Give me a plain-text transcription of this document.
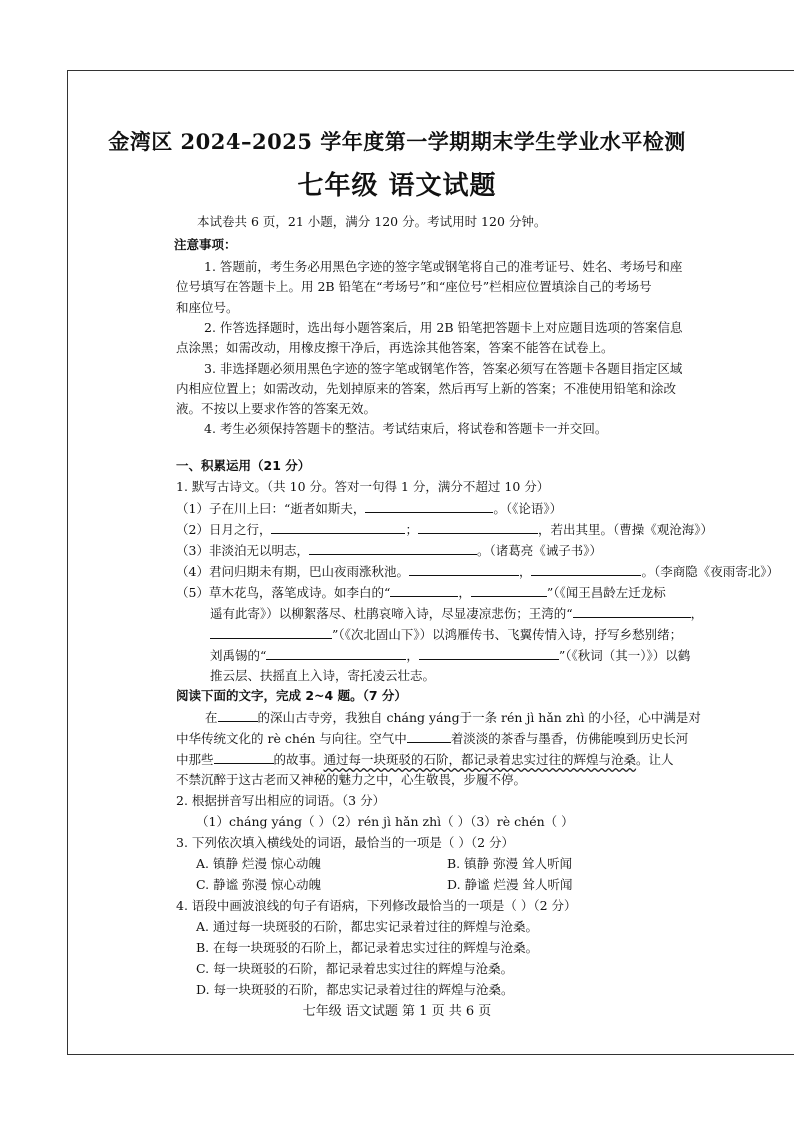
金湾区 2024–2025 学年度第一学期期末学生学业水平检测
七年级 语文试题
本试卷共 6 页，21 小题，满分 120 分。考试用时 120 分钟。
注意事项：
1. 答题前，考生务必用黑色字迹的签字笔或钢笔将自己的准考证号、姓名、考场号和座
位号填写在答题卡上。用 2B 铅笔在“考场号”和“座位号”栏相应位置填涂自己的考场号
和座位号。
2. 作答选择题时，选出每小题答案后，用 2B 铅笔把答题卡上对应题目选项的答案信息
点涂黑；如需改动，用橡皮擦干净后，再选涂其他答案，答案不能答在试卷上。
3. 非选择题必须用黑色字迹的签字笔或钢笔作答，答案必须写在答题卡各题目指定区域
内相应位置上；如需改动，先划掉原来的答案，然后再写上新的答案；不准使用铅笔和涂改
液。不按以上要求作答的答案无效。
4. 考生必须保持答题卡的整洁。考试结束后，将试卷和答题卡一并交回。
一、积累运用（21 分）
1. 默写古诗文。（共 10 分。答对一句得 1 分，满分不超过 10 分）
（1）子在川上曰：“逝者如斯夫，	。（《论语》）
（2）日月之行，	；	，若出其里。（曹操《观沧海》）
（3）非淡泊无以明志，	。（诸葛亮《诫子书》）
（4）君问归期未有期，巴山夜雨涨秋池。	，	。（李商隐《夜雨寄北》）
（5）草木花鸟，落笔成诗。如李白的“	，	”（《闻王昌龄左迁龙标
遥有此寄》）以柳絮落尽、杜鹃哀啼入诗，尽显凄凉悲伤；王湾的“	，
”（《次北固山下》）以鸿雁传书、飞翼传情入诗，抒写乡愁别绪；
刘禹锡的“	，	”（《秋词（其一）》）以鹤
推云层、扶摇直上入诗，寄托凌云壮志。
阅读下面的文字，完成 2~4 题。（7 分）
在	的深山古寺旁，我独自 cháng yáng于一条 rén jì hǎn zhì 的小径，心中满是对
中华传统文化的 rè chén 与向往。空气中	着淡淡的茶香与墨香，仿佛能嗅到历史长河
中那些	的故事。通过每一块斑驳的石阶，都记录着忠实过往的辉煌与沧桑。让人
不禁沉醉于这古老而又神秘的魅力之中，心生敬畏，步履不停。
2. 根据拼音写出相应的词语。（3 分）
（1）cháng yáng（ ）（2）rén jì hǎn zhì（ ）（3）rè chén（ ）
3. 下列依次填入横线处的词语，最恰当的一项是（ ）（2 分）
A. 镇静 烂漫 惊心动魄	B. 镇静 弥漫 耸人听闻
C. 静谧 弥漫 惊心动魄	D. 静谧 烂漫 耸人听闻
4. 语段中画波浪线的句子有语病，下列修改最恰当的一项是（ ）（2 分）
A. 通过每一块斑驳的石阶，都忠实记录着过往的辉煌与沧桑。
B. 在每一块斑驳的石阶上，都记录着忠实过往的辉煌与沧桑。
C. 每一块斑驳的石阶，都记录着忠实过往的辉煌与沧桑。
D. 每一块斑驳的石阶，都忠实记录着过往的辉煌与沧桑。
七年级 语文试题 第 1 页 共 6 页
